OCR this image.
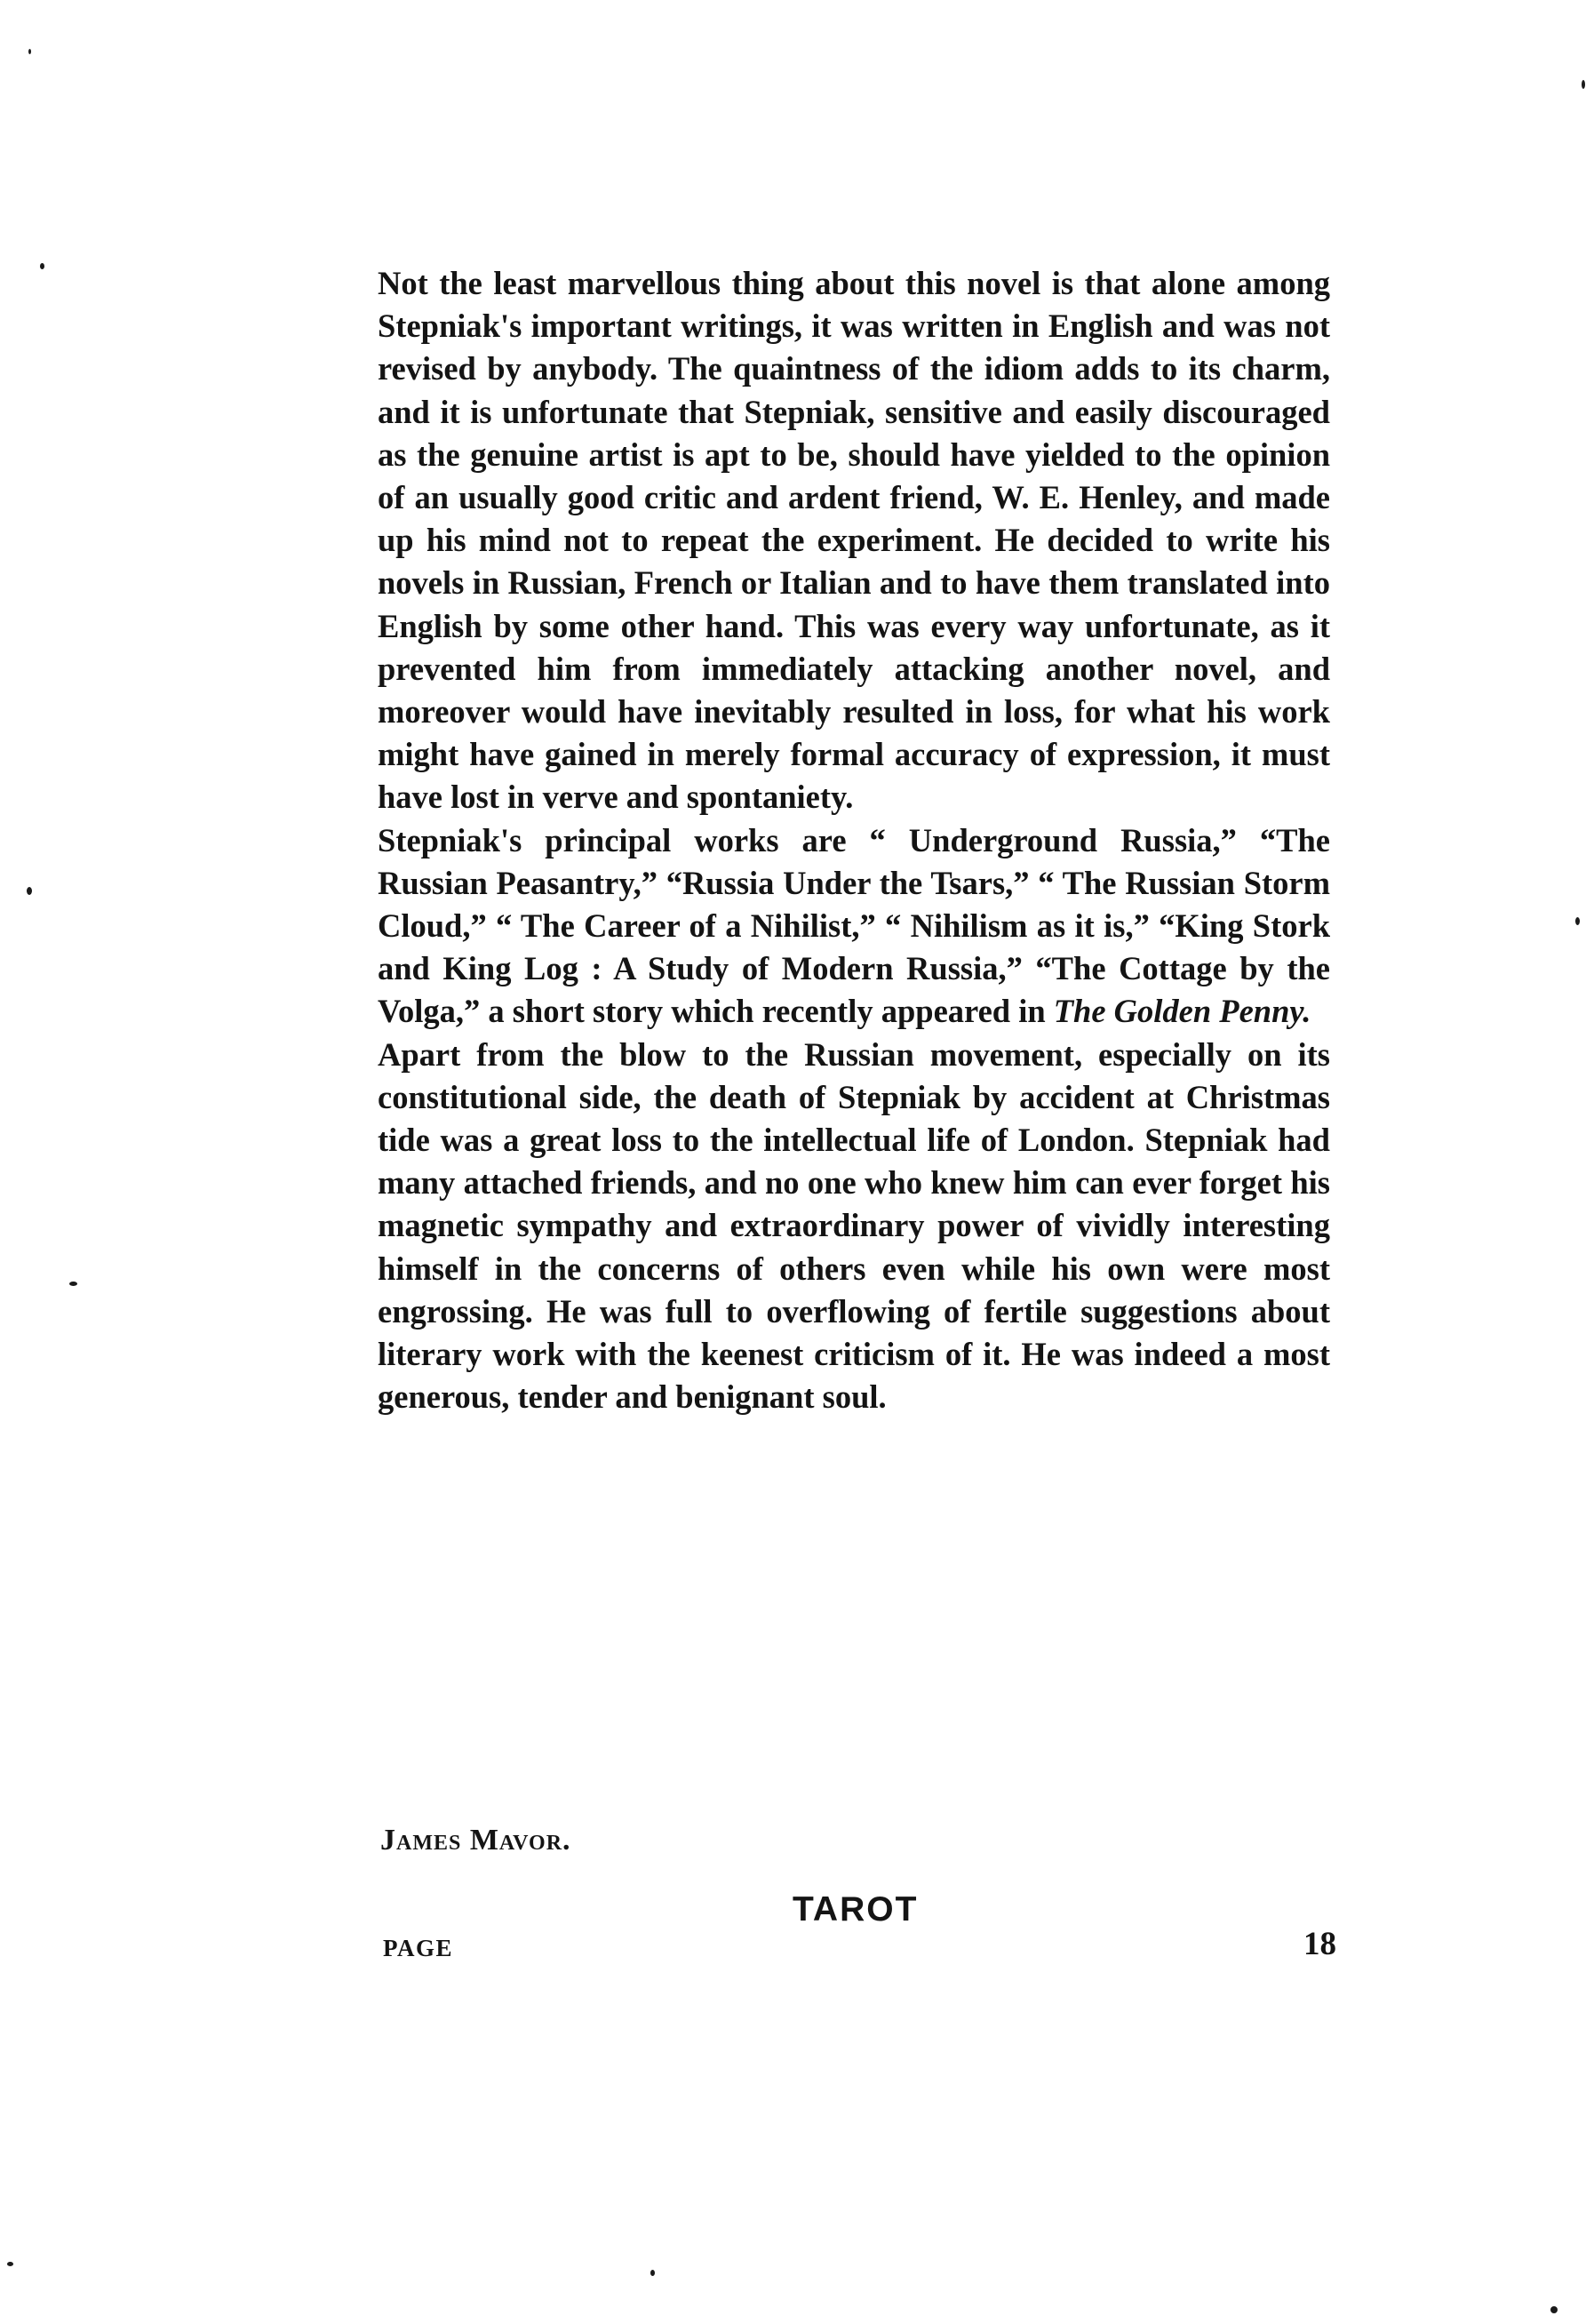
Not the least marvellous thing about this novel is that alone among Stepniak's important writings, it was written in English and was not revised by anybody. The quaintness of the idiom adds to its charm, and it is unfortunate that Stepniak, sensitive and easily discouraged as the genuine artist is apt to be, should have yielded to the opinion of an usually good critic and ardent friend, W. E. Henley, and made up his mind not to repeat the experiment. He decided to write his novels in Russian, French or Italian and to have them translated into English by some other hand. This was every way unfortunate, as it prevented him from immediately attacking another novel, and moreover would have inevitably resulted in loss, for what his work might have gained in merely formal accuracy of expression, it must have lost in verve and spontaniety.

Stepniak's principal works are “ Underground Russia,” “The Russian Peasantry,” “Russia Under the Tsars,” “ The Russian Storm Cloud,” “ The Career of a Nihilist,” “ Nihilism as it is,” “King Stork and King Log : A Study of Modern Russia,” “The Cottage by the Volga,” a short story which recently appeared in The Golden Penny.

Apart from the blow to the Russian movement, especially on its constitutional side, the death of Stepniak by accident at Christmas tide was a great loss to the intellectual life of London. Stepniak had many attached friends, and no one who knew him can ever forget his magnetic sympathy and extraordinary power of vividly interesting himself in the concerns of others even while his own were most engrossing. He was full to overflowing of fertile suggestions about literary work with the keenest criticism of it. He was indeed a most generous, tender and benignant soul.

James Mavor.
TAROT
PAGE	18
